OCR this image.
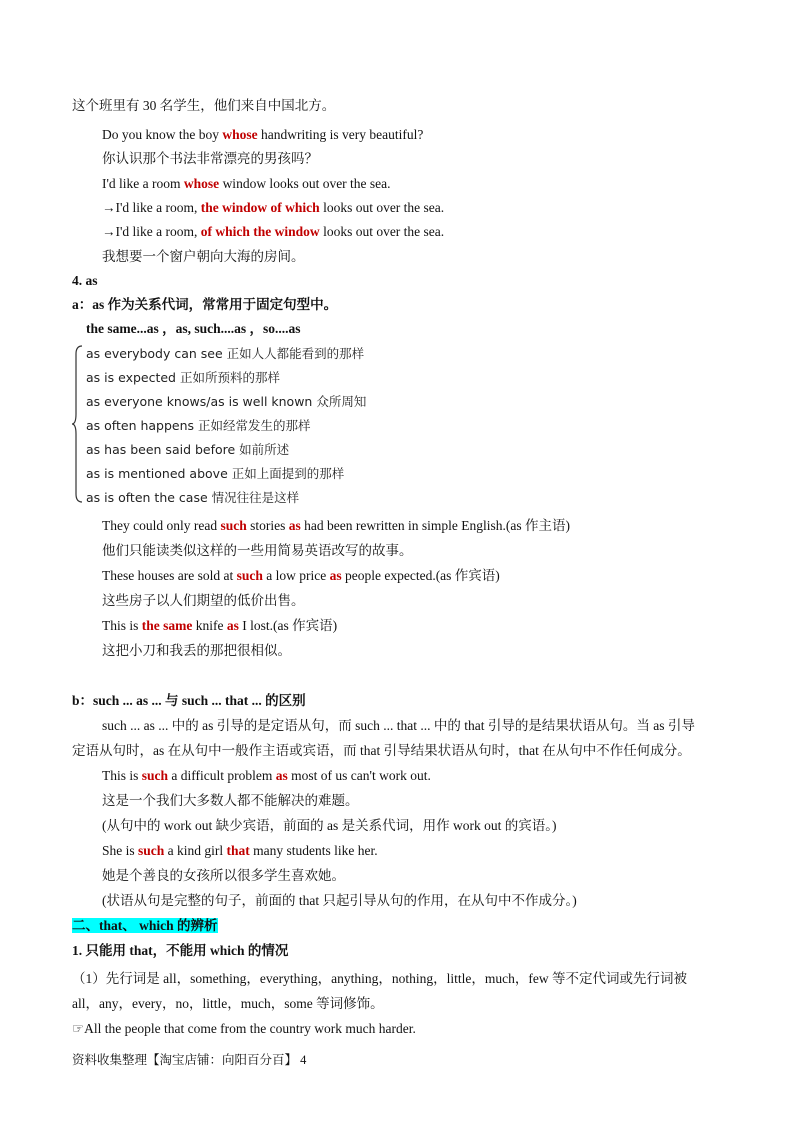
这个班里有 30 名学生，他们来自中国北方。
Do you know the boy whose handwriting is very beautiful?
你认识那个书法非常漂亮的男孩吗？
I'd like a room whose window looks out over the sea.
→I'd like a room, the window of which looks out over the sea.
→I'd like a room, of which the window looks out over the sea.
我想要一个窗户朝向大海的房间。
4. as
a：as 作为关系代词，常常用于固定句型中。
the same...as ，as, such....as ，so....as
as everybody can see 正如人人都能看到的那样
as is expected 正如所预料的那样
as everyone knows/as is well known 众所周知
as often happens 正如经常发生的那样
as has been said before 如前所述
as is mentioned above 正如上面提到的那样
as is often the case 情况往往是这样
They could only read such stories as had been rewritten in simple English.(as 作主语)
他们只能读类似这样的一些用简易英语改写的故事。
These houses are sold at such a low price as people expected.(as 作宾语)
这些房子以人们期望的低价出售。
This is the same knife as I lost.(as 作宾语)
这把小刀和我丢的那把很相似。
b：such ... as ... 与 such ... that ... 的区别
such ... as ... 中的 as 引导的是定语从句，而 such ... that ... 中的 that 引导的是结果状语从句。当 as 引导
定语从句时，as 在从句中一般作主语或宾语，而 that 引导结果状语从句时，that 在从句中不作任何成分。
This is such a difficult problem as most of us can't work out.
这是一个我们大多数人都不能解决的难题。
(从句中的 work out 缺少宾语，前面的 as 是关系代词，用作 work out 的宾语。)
She is such a kind girl that many students like her.
她是个善良的女孩所以很多学生喜欢她。
(状语从句是完整的句子，前面的 that 只起引导从句的作用，在从句中不作成分。)
二、that、 which 的辨析
1. 只能用 that，不能用 which 的情况
（1）先行词是 all，something，everything，anything，nothing，little，much，few 等不定代词或先行词被
all，any，every，no，little，much，some 等词修饰。
☞All the people that come from the country work much harder.
资料收集整理【淘宝店铺：向阳百分百】 4
